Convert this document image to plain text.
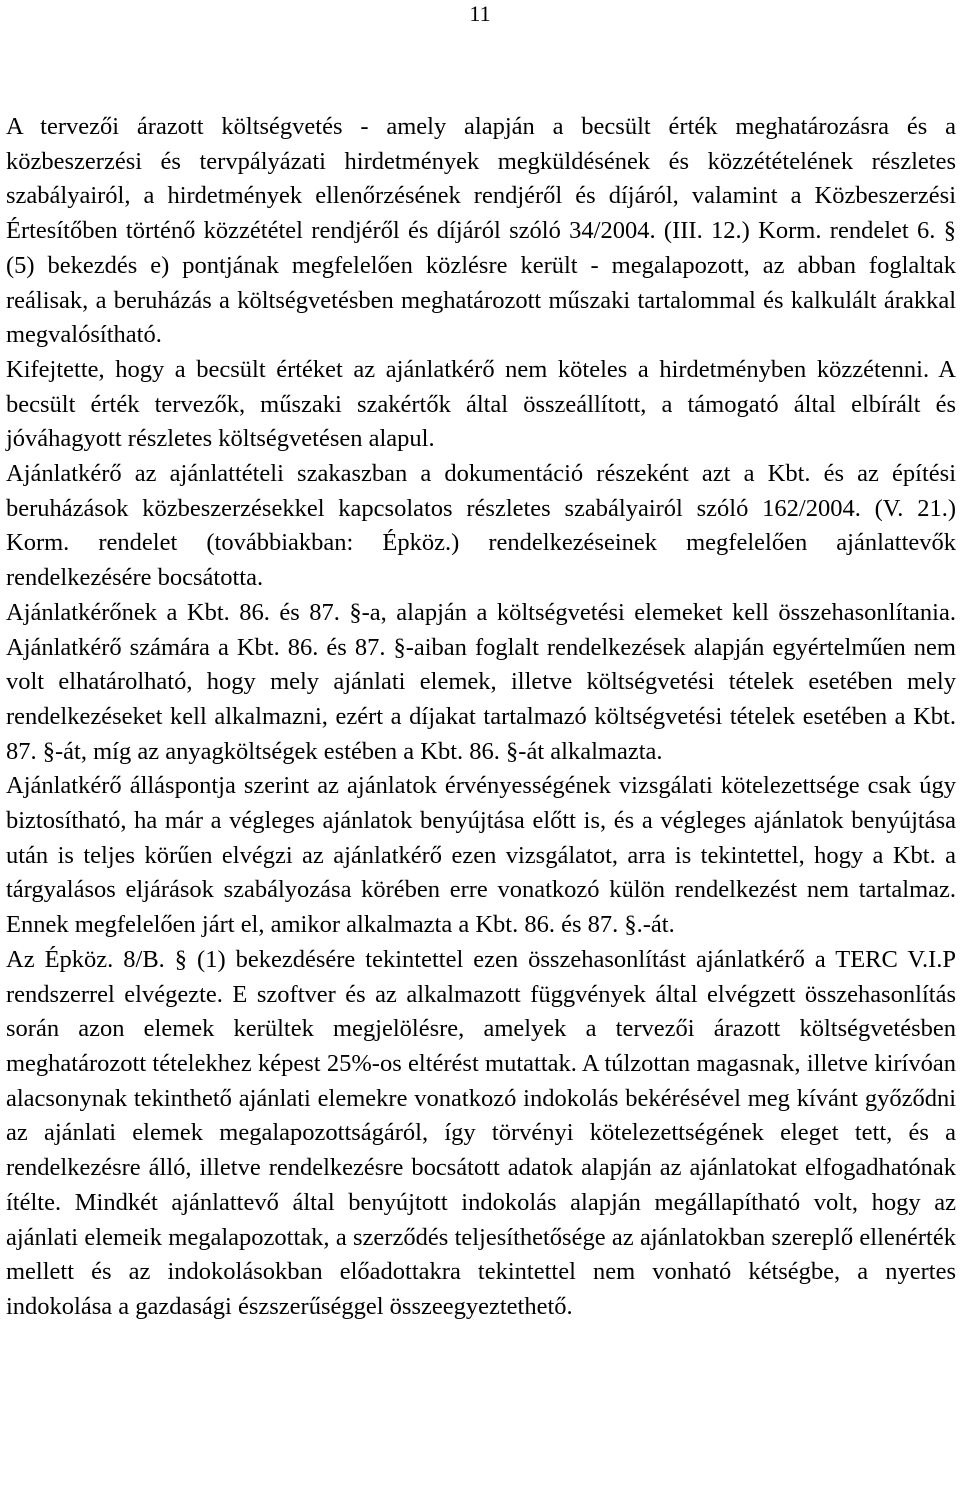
11

A tervezői árazott költségvetés - amely alapján a becsült érték meghatározásra és a közbeszerzési és tervpályázati hirdetmények megküldésének és közzétételének részletes szabályairól, a hirdetmények ellenőrzésének rendjéről és díjáról, valamint a Közbeszerzési Értesítőben történő közzététel rendjéről és díjáról szóló 34/2004. (III. 12.) Korm. rendelet 6. § (5) bekezdés e) pontjának megfelelően közlésre került - megalapozott, az abban foglaltak reálisak, a beruházás a költségvetésben meghatározott műszaki tartalommal és kalkulált árakkal megvalósítható.

Kifejtette, hogy a becsült értéket az ajánlatkérő nem köteles a hirdetményben közzétenni. A becsült érték tervezők, műszaki szakértők által összeállított, a támogató által elbírált és jóváhagyott részletes költségvetésen alapul.

Ajánlatkérő az ajánlattételi szakaszban a dokumentáció részeként azt a Kbt. és az építési beruházások közbeszerzésekkel kapcsolatos részletes szabályairól szóló 162/2004. (V. 21.) Korm. rendelet (továbbiakban: Épköz.) rendelkezéseinek megfelelően ajánlattevők rendelkezésére bocsátotta.

Ajánlatkérőnek a Kbt. 86. és 87. §-a, alapján a költségvetési elemeket kell összehasonlítania. Ajánlatkérő számára a Kbt. 86. és 87. §-aiban foglalt rendelkezések alapján egyértelműen nem volt elhatárolható, hogy mely ajánlati elemek, illetve költségvetési tételek esetében mely rendelkezéseket kell alkalmazni, ezért a díjakat tartalmazó költségvetési tételek esetében a Kbt. 87. §-át, míg az anyagköltségek estében a Kbt. 86. §-át alkalmazta.

Ajánlatkérő álláspontja szerint az ajánlatok érvényességének vizsgálati kötelezettsége csak úgy biztosítható, ha már a végleges ajánlatok benyújtása előtt is, és a végleges ajánlatok benyújtása után is teljes körűen elvégzi az ajánlatkérő ezen vizsgálatot, arra is tekintettel, hogy a Kbt. a tárgyalásos eljárások szabályozása körében erre vonatkozó külön rendelkezést nem tartalmaz. Ennek megfelelően járt el, amikor alkalmazta a Kbt. 86. és 87. §.-át.

Az Épköz. 8/B. § (1) bekezdésére tekintettel ezen összehasonlítást ajánlatkérő a TERC V.I.P rendszerrel elvégezte. E szoftver és az alkalmazott függvények által elvégzett összehasonlítás során azon elemek kerültek megjelölésre, amelyek a tervezői árazott költségvetésben meghatározott tételekhez képest 25%-os eltérést mutattak. A túlzottan magasnak, illetve kirívóan alacsonynak tekinthető ajánlati elemekre vonatkozó indokolás bekérésével meg kívánt győződni az ajánlati elemek megalapozottságáról, így törvényi kötelezettségének eleget tett, és a rendelkezésre álló, illetve rendelkezésre bocsátott adatok alapján az ajánlatokat elfogadhatónak ítélte. Mindkét ajánlattevő által benyújtott indokolás alapján megállapítható volt, hogy az ajánlati elemeik megalapozottak, a szerződés teljesíthetősége az ajánlatokban szereplő ellenérték mellett és az indokolásokban előadottakra tekintettel nem vonható kétségbe, a nyertes indokolása a gazdasági észszerűséggel összeegyeztethető.
